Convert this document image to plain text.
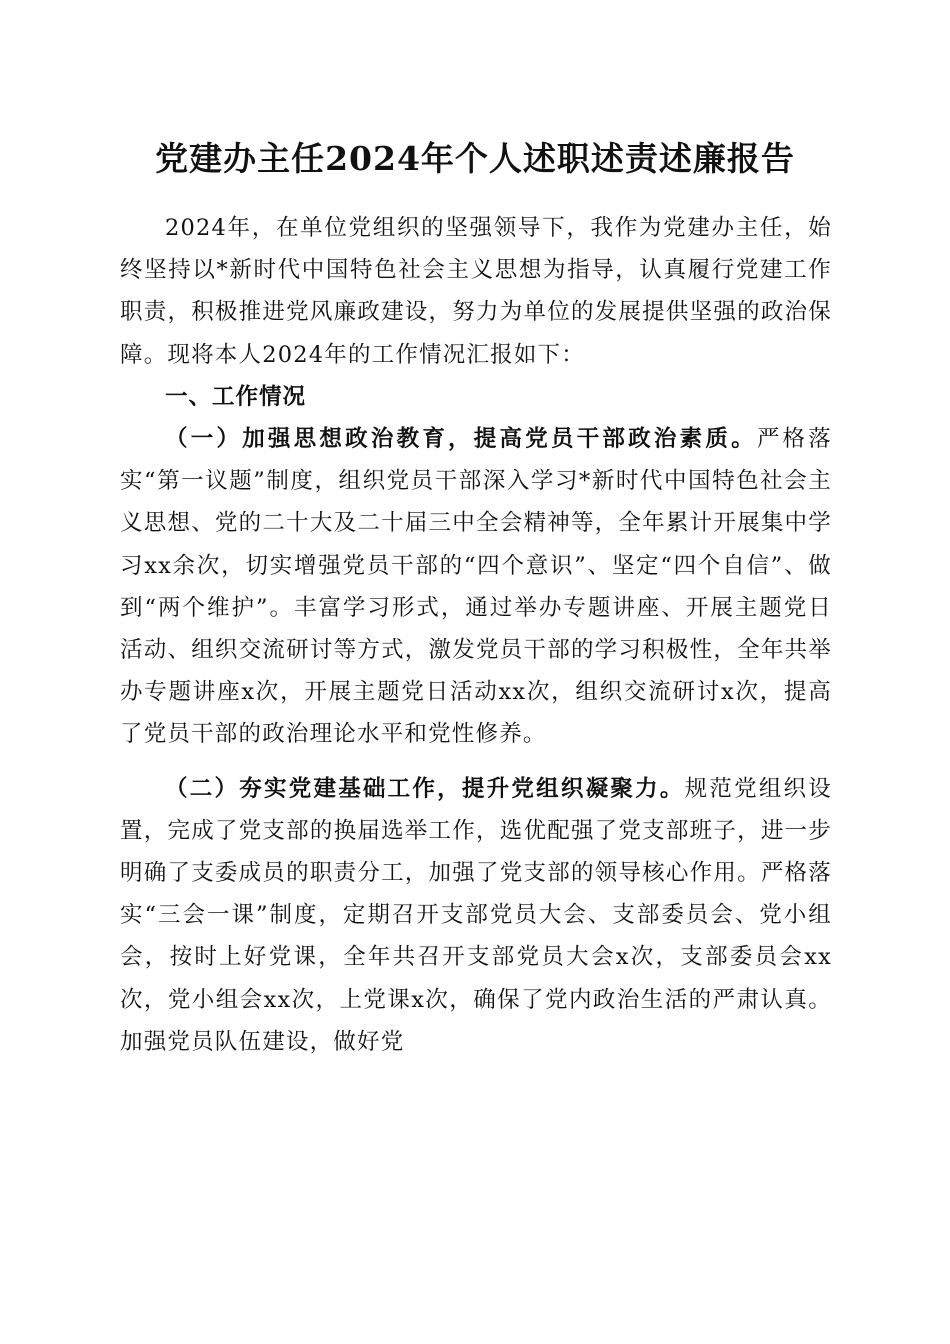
党建办主任2024年个人述职述责述廉报告

2024年，在单位党组织的坚强领导下，我作为党建办主任，始终坚持以*新时代中国特色社会主义思想为指导，认真履行党建工作职责，积极推进党风廉政建设，努力为单位的发展提供坚强的政治保障。现将本人2024年的工作情况汇报如下：

一、工作情况

（一）加强思想政治教育，提高党员干部政治素质。严格落实“第一议题”制度，组织党员干部深入学习*新时代中国特色社会主义思想、党的二十大及二十届三中全会精神等，全年累计开展集中学习xx余次，切实增强党员干部的“四个意识”、坚定“四个自信”、做到“两个维护”。丰富学习形式，通过举办专题讲座、开展主题党日活动、组织交流研讨等方式，激发党员干部的学习积极性，全年共举办专题讲座x次，开展主题党日活动xx次，组织交流研讨x次，提高了党员干部的政治理论水平和党性修养。

（二）夯实党建基础工作，提升党组织凝聚力。规范党组织设置，完成了党支部的换届选举工作，选优配强了党支部班子，进一步明确了支委成员的职责分工，加强了党支部的领导核心作用。严格落实“三会一课”制度，定期召开支部党员大会、支部委员会、党小组会，按时上好党课，全年共召开支部党员大会x次，支部委员会xx次，党小组会xx次，上党课x次，确保了党内政治生活的严肃认真。加强党员队伍建设，做好党
